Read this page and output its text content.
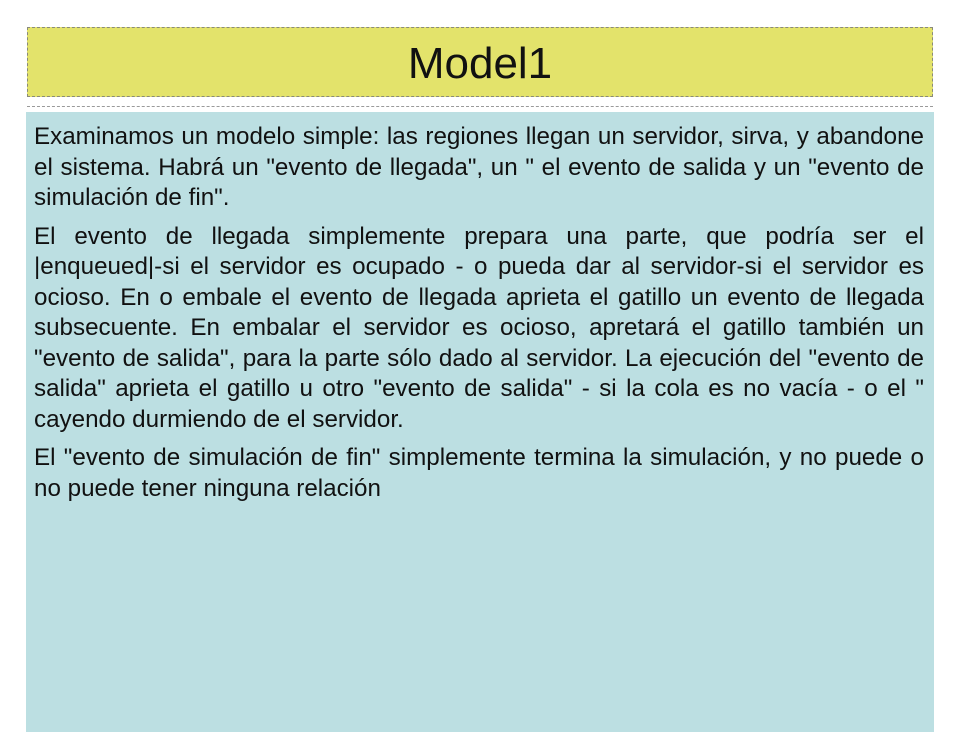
Model1

Examinamos un modelo simple: las regiones llegan un servidor, sirva, y abandone el sistema. Habrá un "evento de llegada", un " el evento de salida y un "evento de simulación de fin".

El evento de llegada simplemente prepara una parte, que podría ser el |enqueued|-si el servidor es ocupado - o pueda dar al servidor-si el servidor es ocioso. En o embale el evento de llegada aprieta el gatillo un evento de llegada subsecuente. En embalar el servidor es ocioso, apretará el gatillo también un "evento de salida", para la parte sólo dado al servidor. La ejecución del "evento de salida" aprieta el gatillo u otro "evento de salida" - si la cola es no vacía - o el " cayendo durmiendo de el servidor.

El "evento de simulación de fin" simplemente termina la simulación, y no puede o no puede tener ninguna relación
